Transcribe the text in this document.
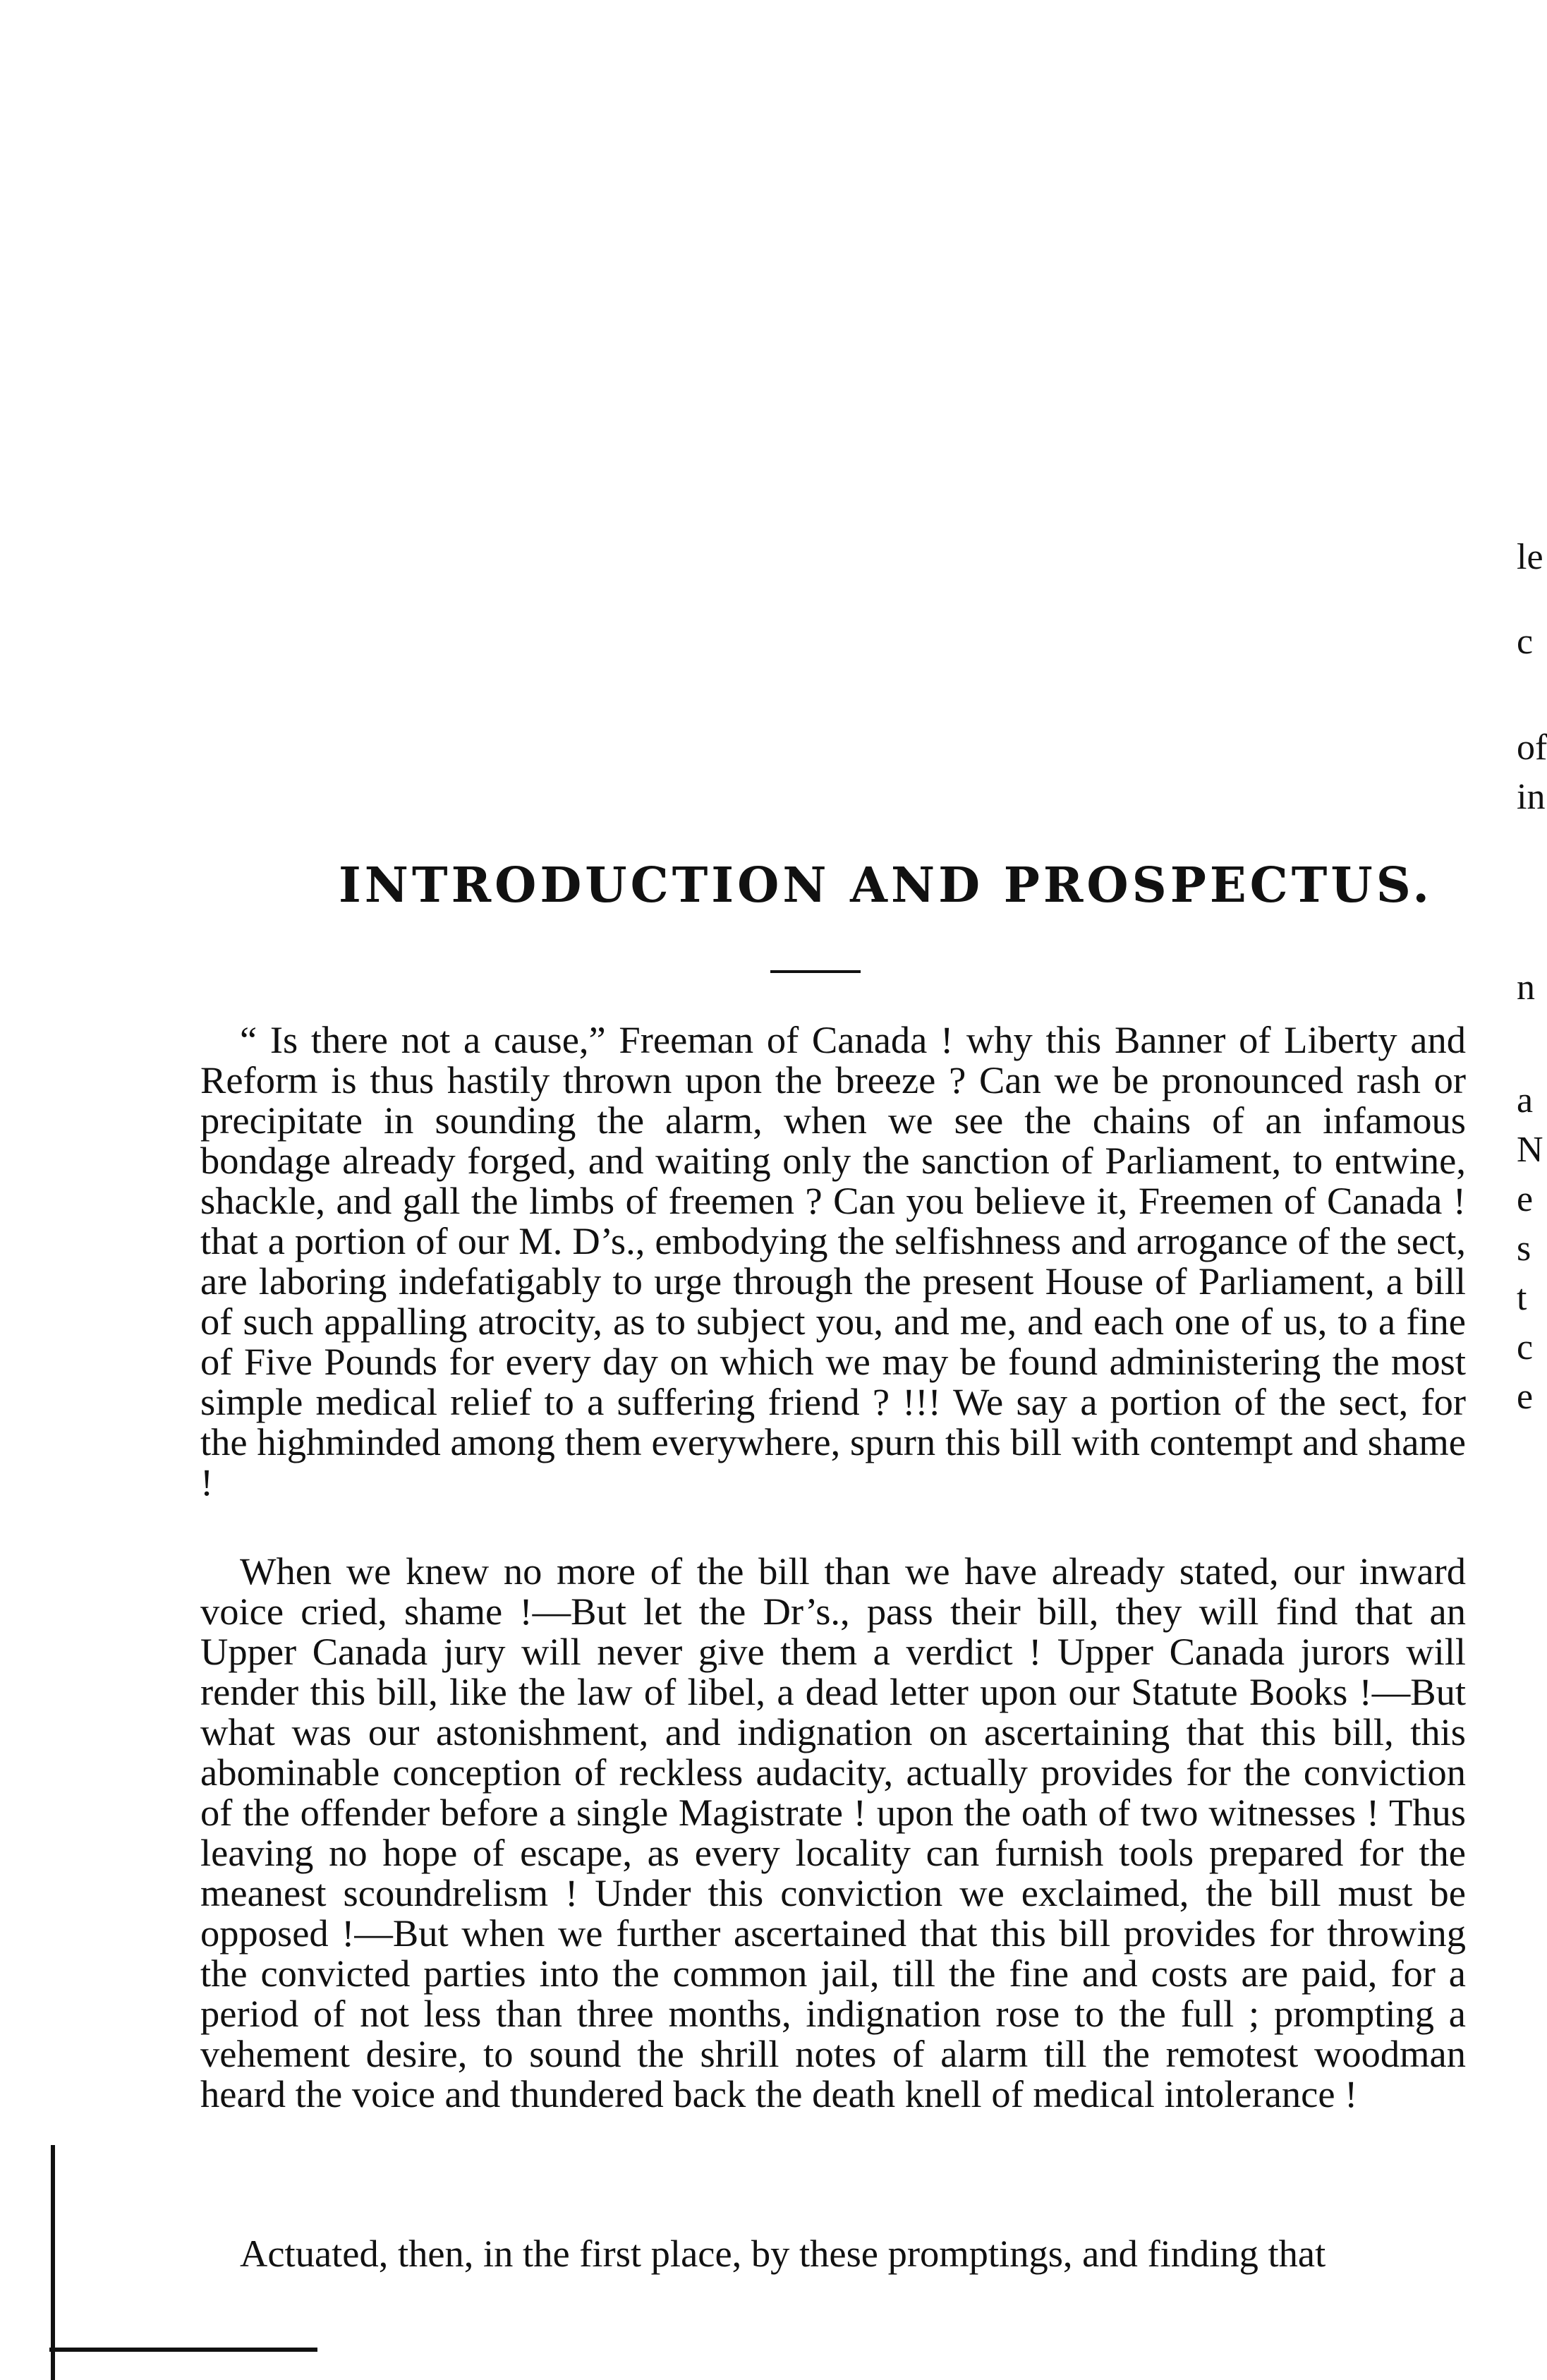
INTRODUCTION AND PROSPECTUS.

“ Is there not a cause,” Freeman of Canada ! why this Banner of Liberty and Reform is thus hastily thrown upon the breeze ? Can we be pronounced rash or precipitate in sounding the alarm, when we see the chains of an infamous bondage already forged, and waiting only the sanction of Parliament, to entwine, shackle, and gall the limbs of freemen ? Can you believe it, Freemen of Canada ! that a portion of our M. D’s., embodying the selfishness and arrogance of the sect, are laboring indefatigably to urge through the present House of Parliament, a bill of such appalling atrocity, as to subject you, and me, and each one of us, to a fine of Five Pounds for every day on which we may be found administering the most simple medical relief to a suffering friend ? !!! We say a portion of the sect, for the highminded among them everywhere, spurn this bill with contempt and shame !

When we knew no more of the bill than we have already stated, our inward voice cried, shame !—But let the Dr’s., pass their bill, they will find that an Upper Canada jury will never give them a verdict ! Upper Canada jurors will render this bill, like the law of libel, a dead letter upon our Statute Books !—But what was our astonishment, and indignation on ascertaining that this bill, this abominable conception of reckless audacity, actually provides for the conviction of the offender before a single Magistrate ! upon the oath of two witnesses ! Thus leaving no hope of escape, as every locality can furnish tools prepared for the meanest scoundrelism ! Under this conviction we exclaimed, the bill must be opposed !—But when we further ascertained that this bill provides for throwing the convicted parties into the common jail, till the fine and costs are paid, for a period of not less than three months, indignation rose to the full ; prompting a vehement desire, to sound the shrill notes of alarm till the remotest woodman heard the voice and thundered back the death knell of medical intolerance !

Actuated, then, in the first place, by these promptings, and finding that

le
c
of
in
n
a
N
e
s
t
c
e
